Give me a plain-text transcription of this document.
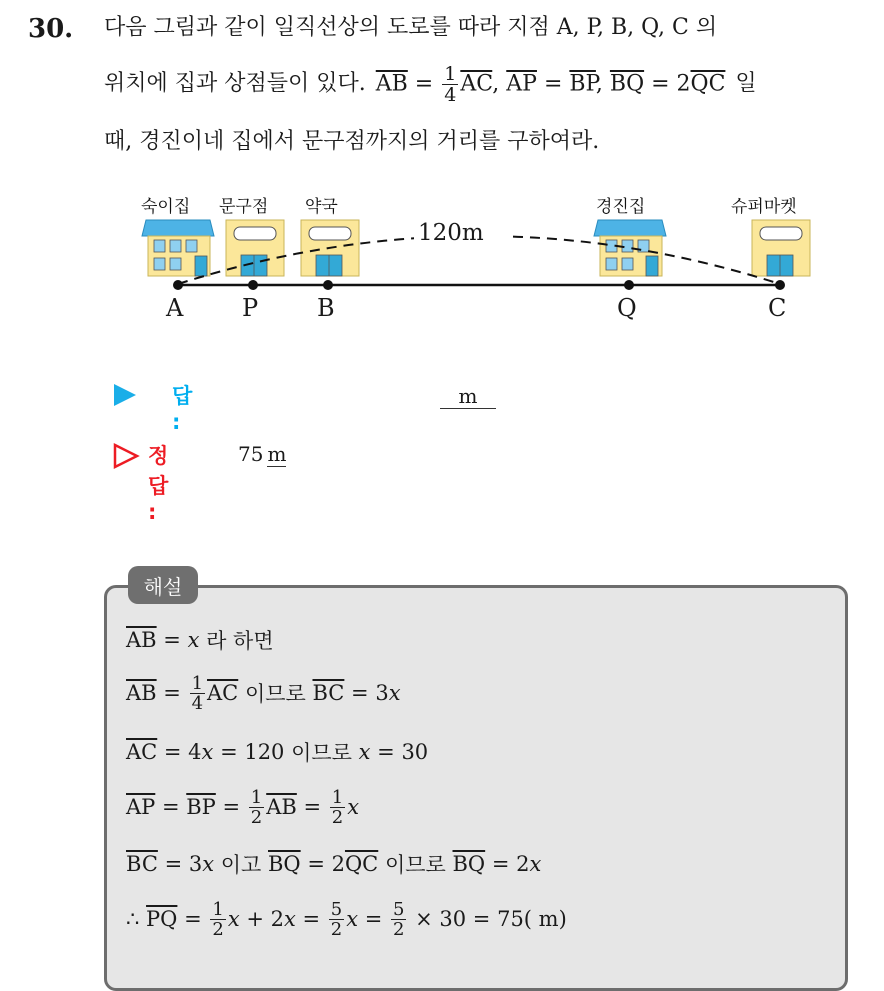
30. 다음 그림과 같이 일직선상의 도로를 따라 지점 A, P, B, Q, C 의
위치에 집과 상점들이 있다. $\overline{AB} = \frac{1}{4} \overline{AC}$, $\overline{AP} = \overline{BP}$, $\overline{BQ} = 2\overline{QC}$ 일
때, 경진이네 집에서 문구점까지의 거리를 구하여라.
숙이집 문구점 약국	경진집	슈퍼마켓
120m
A P B	Q	C
답 :
m
정답 :
75 m
해설
$\overline{AB} = x$
라 하면
$\overline{AB} = \frac{1}{4} \overline{AC}$
이므로
$\overline{BC} = 3$ x
$\overline{AC} = 4$ x = 120 이므로
x = 30
$\overline{AP} = \overline{BP} = \frac{1}{2} \overline{AB} = \frac{1}{2}$ x
$\overline{BC} = 3$ x
이고
$\overline{BQ} = 2$ $\overline{QC}$
이므로
$\overline{BQ} = 2$ x
∴ $\overline{PQ} = \frac{1}{2}$ x + 2 $x = \frac{5}{2}$ $x = \frac{5}{2} \times 30 = 75$( m)
